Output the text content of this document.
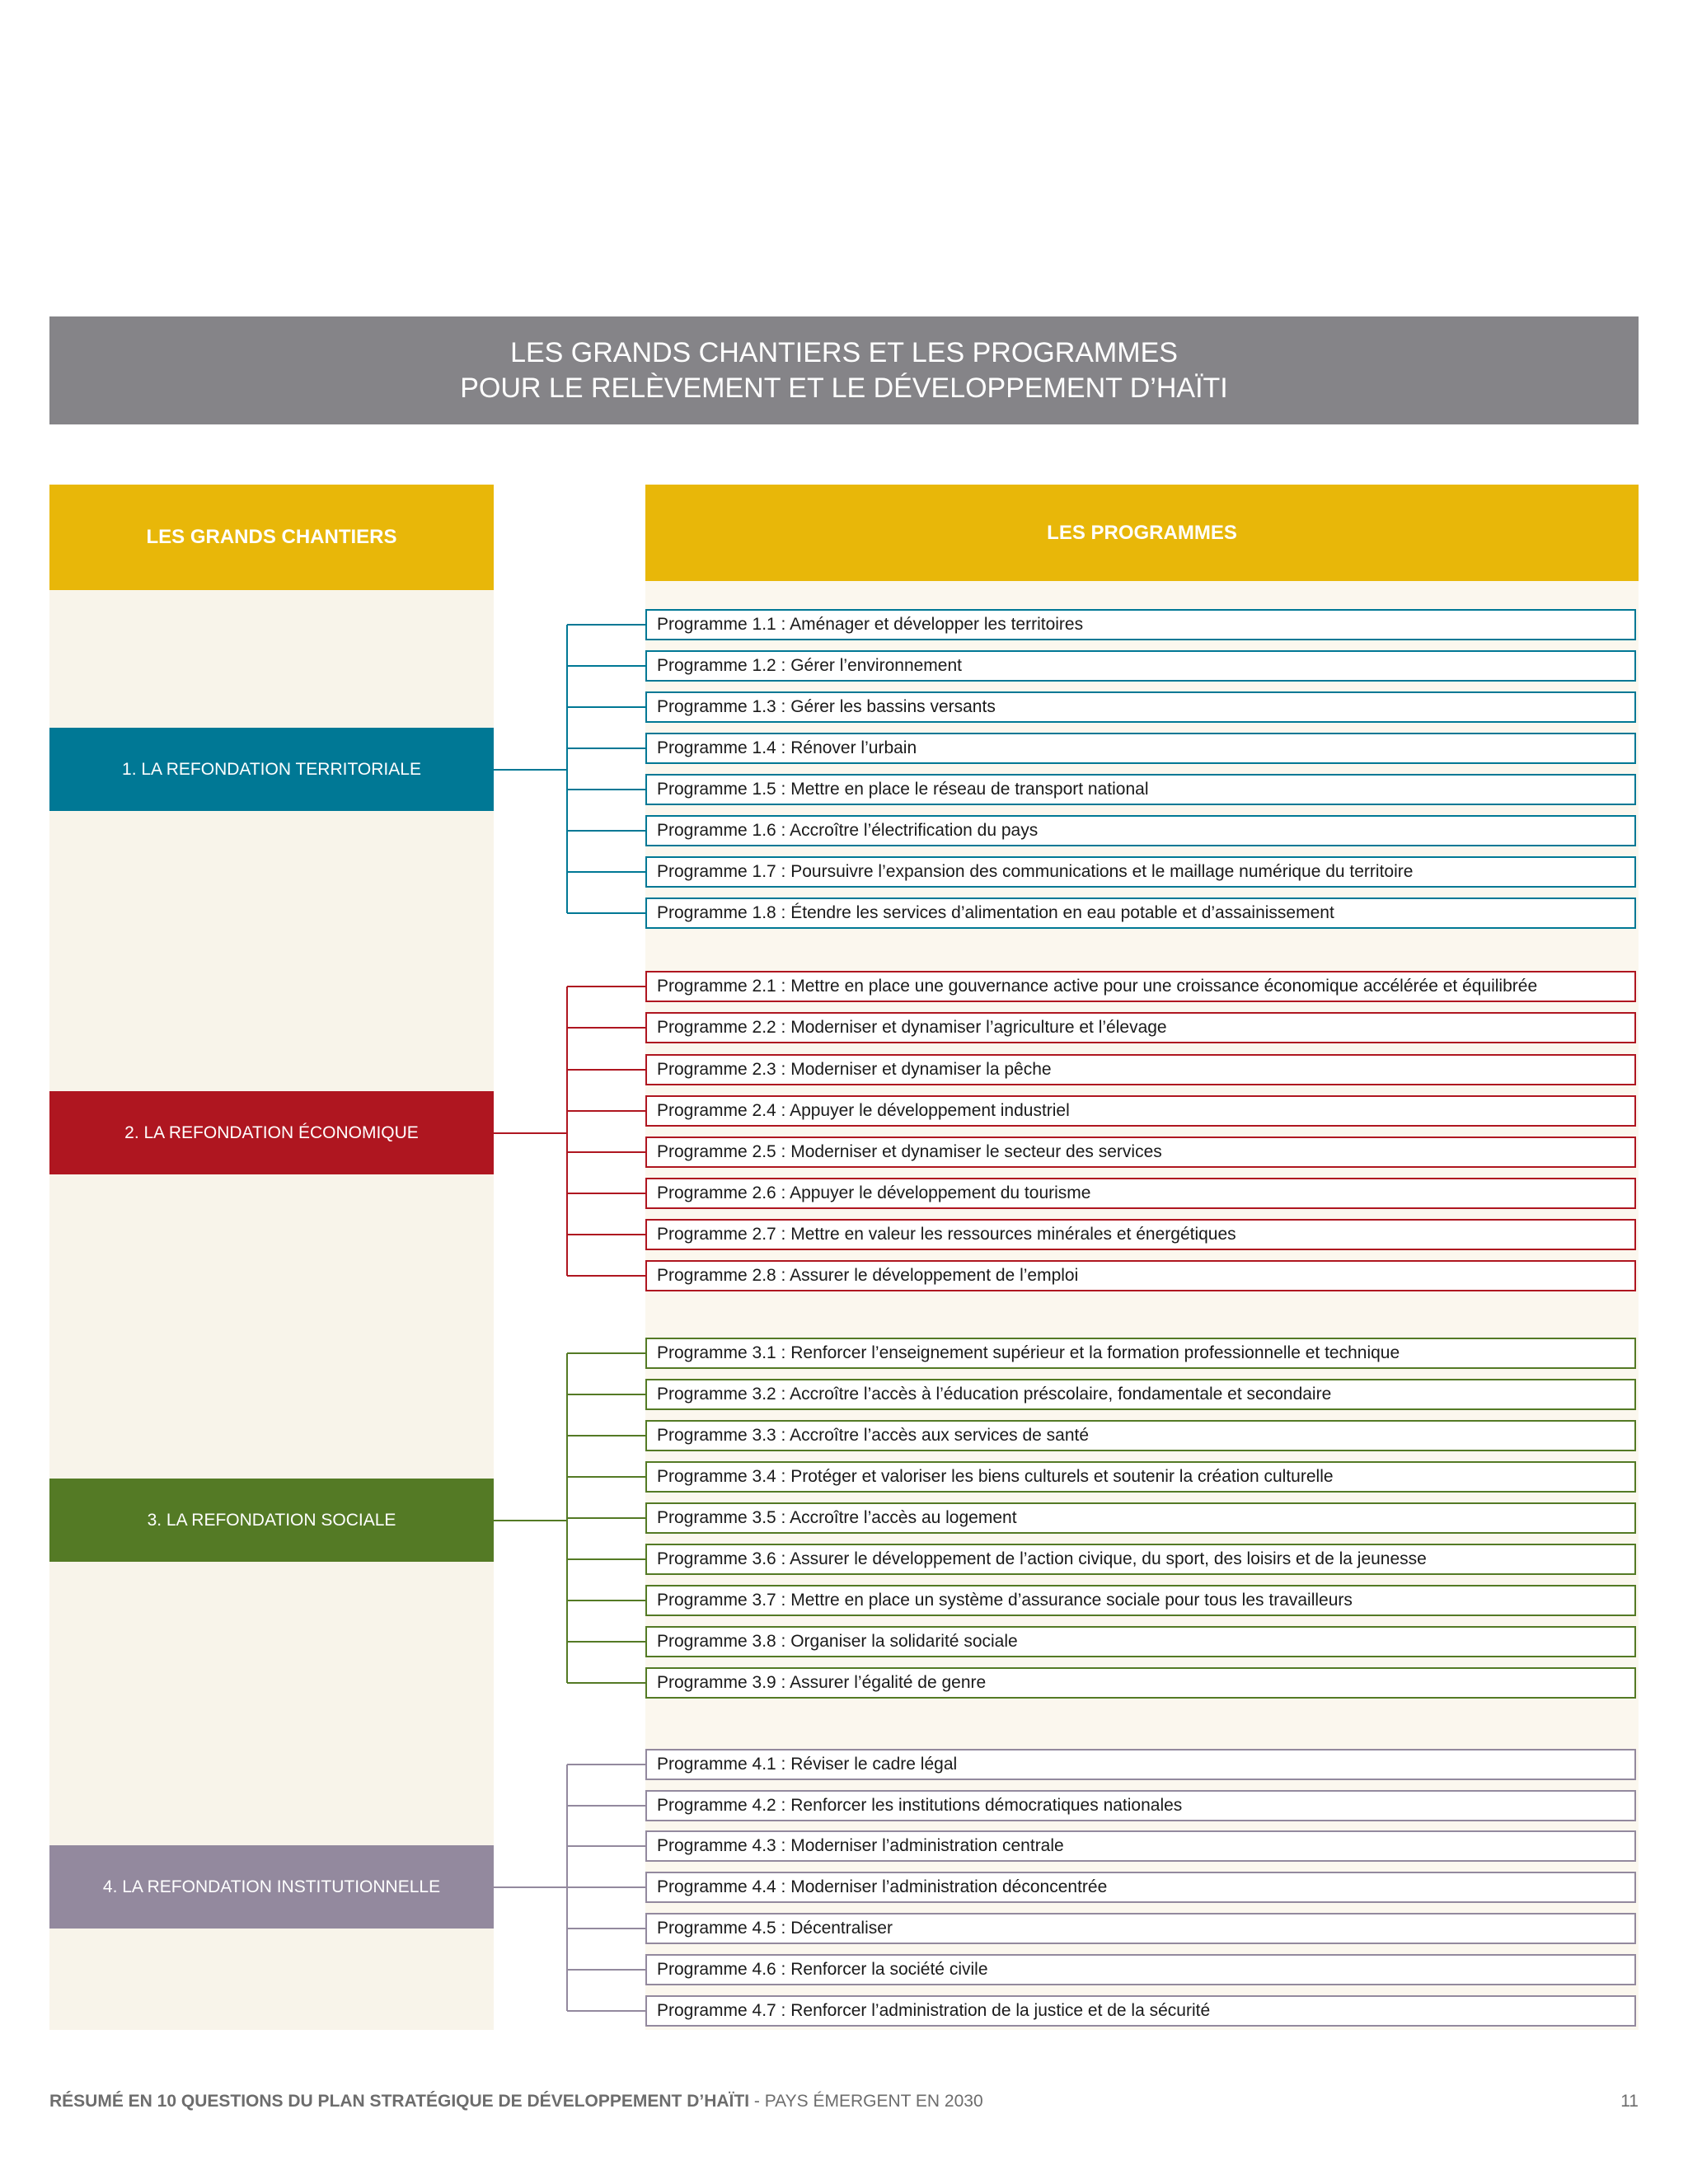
LES GRANDS CHANTIERS ET LES PROGRAMMES
POUR LE RELÈVEMENT ET LE DÉVELOPPEMENT D’HAÏTI
LES GRANDS CHANTIERS	LES PROGRAMMES
1. LA REFONDATION TERRITORIALE
Programme 1.1 : Aménager et développer les territoires
Programme 1.2 : Gérer l’environnement
Programme 1.3 : Gérer les bassins versants
Programme 1.4 : Rénover l’urbain
Programme 1.5 : Mettre en place le réseau de transport national
Programme 1.6 : Accroître l’électrification du pays
Programme 1.7 : Poursuivre l’expansion des communications et le maillage numérique du territoire
Programme 1.8 : Étendre les services d’alimentation en eau potable et d’assainissement
2. LA REFONDATION ÉCONOMIQUE
Programme 2.1 : Mettre en place une gouvernance active pour une croissance économique accélérée et équilibrée
Programme 2.2 : Moderniser et dynamiser l’agriculture et l’élevage
Programme 2.3 : Moderniser et dynamiser la pêche
Programme 2.4 : Appuyer le développement industriel
Programme 2.5 : Moderniser et dynamiser le secteur des services
Programme 2.6 : Appuyer le développement du tourisme
Programme 2.7 : Mettre en valeur les ressources minérales et énergétiques
Programme 2.8 : Assurer le développement de l’emploi
3. LA REFONDATION SOCIALE
Programme 3.1 : Renforcer l’enseignement supérieur et la formation professionnelle et technique
Programme 3.2 : Accroître l’accès à l’éducation préscolaire, fondamentale et secondaire
Programme 3.3 : Accroître l’accès aux services de santé
Programme 3.4 : Protéger et valoriser les biens culturels et soutenir la création culturelle
Programme 3.5 : Accroître l’accès au logement
Programme 3.6 : Assurer le développement de l’action civique, du sport, des loisirs et de la jeunesse
Programme 3.7 : Mettre en place un système d’assurance sociale pour tous les travailleurs
Programme 3.8 : Organiser la solidarité sociale
Programme 3.9 : Assurer l’égalité de genre
4. LA REFONDATION INSTITUTIONNELLE
Programme 4.1 : Réviser le cadre légal
Programme 4.2 : Renforcer les institutions démocratiques nationales
Programme 4.3 : Moderniser l’administration centrale
Programme 4.4 : Moderniser l’administration déconcentrée
Programme 4.5 : Décentraliser
Programme 4.6 : Renforcer la société civile
Programme 4.7 : Renforcer l’administration de la justice et de la sécurité
RÉSUMÉ EN 10 QUESTIONS DU PLAN STRATÉGIQUE DE DÉVELOPPEMENT D’HAÏTI - PAYS ÉMERGENT EN 2030	11
